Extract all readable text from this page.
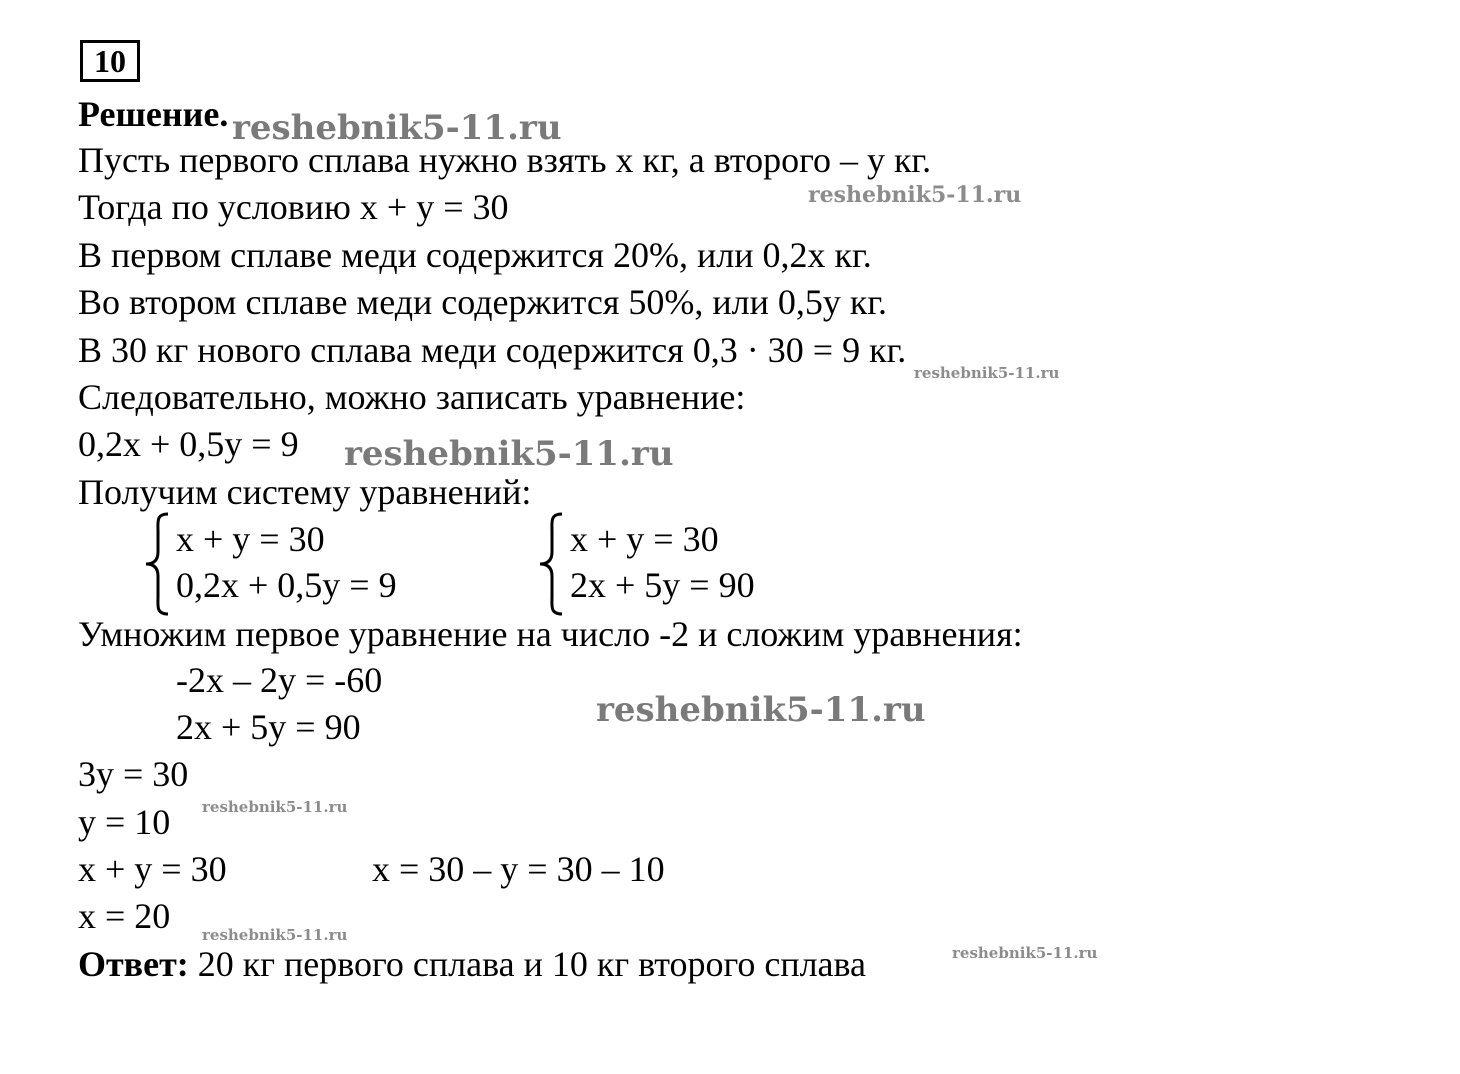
10
Решение.
Пусть первого сплава нужно взять x кг, а второго – у кг.
Тогда по условию x + y = 30
В первом сплаве меди содержится 20%, или 0,2х кг.
Во втором сплаве меди содержится 50%, или 0,5у кг.
В 30 кг нового сплава меди содержится 0,3 · 30 = 9 кг.
Следовательно, можно записать уравнение:
0,2х + 0,5у = 9
Получим систему уравнений:
x + y = 30
0,2х + 0,5у = 9
x + y = 30
2х + 5у = 90
Умножим первое уравнение на число -2 и сложим уравнения:
-2х – 2у = -60
2х + 5у = 90
3у = 30
у = 10
x + y = 30	x = 30 – y = 30 – 10
x = 20
Ответ: 20 кг первого сплава и 10 кг второго сплава
reshebnik5-11.ru
reshebnik5-11.ru
reshebnik5-11.ru
reshebnik5-11.ru
reshebnik5-11.ru
reshebnik5-11.ru
reshebnik5-11.ru
reshebnik5-11.ru
